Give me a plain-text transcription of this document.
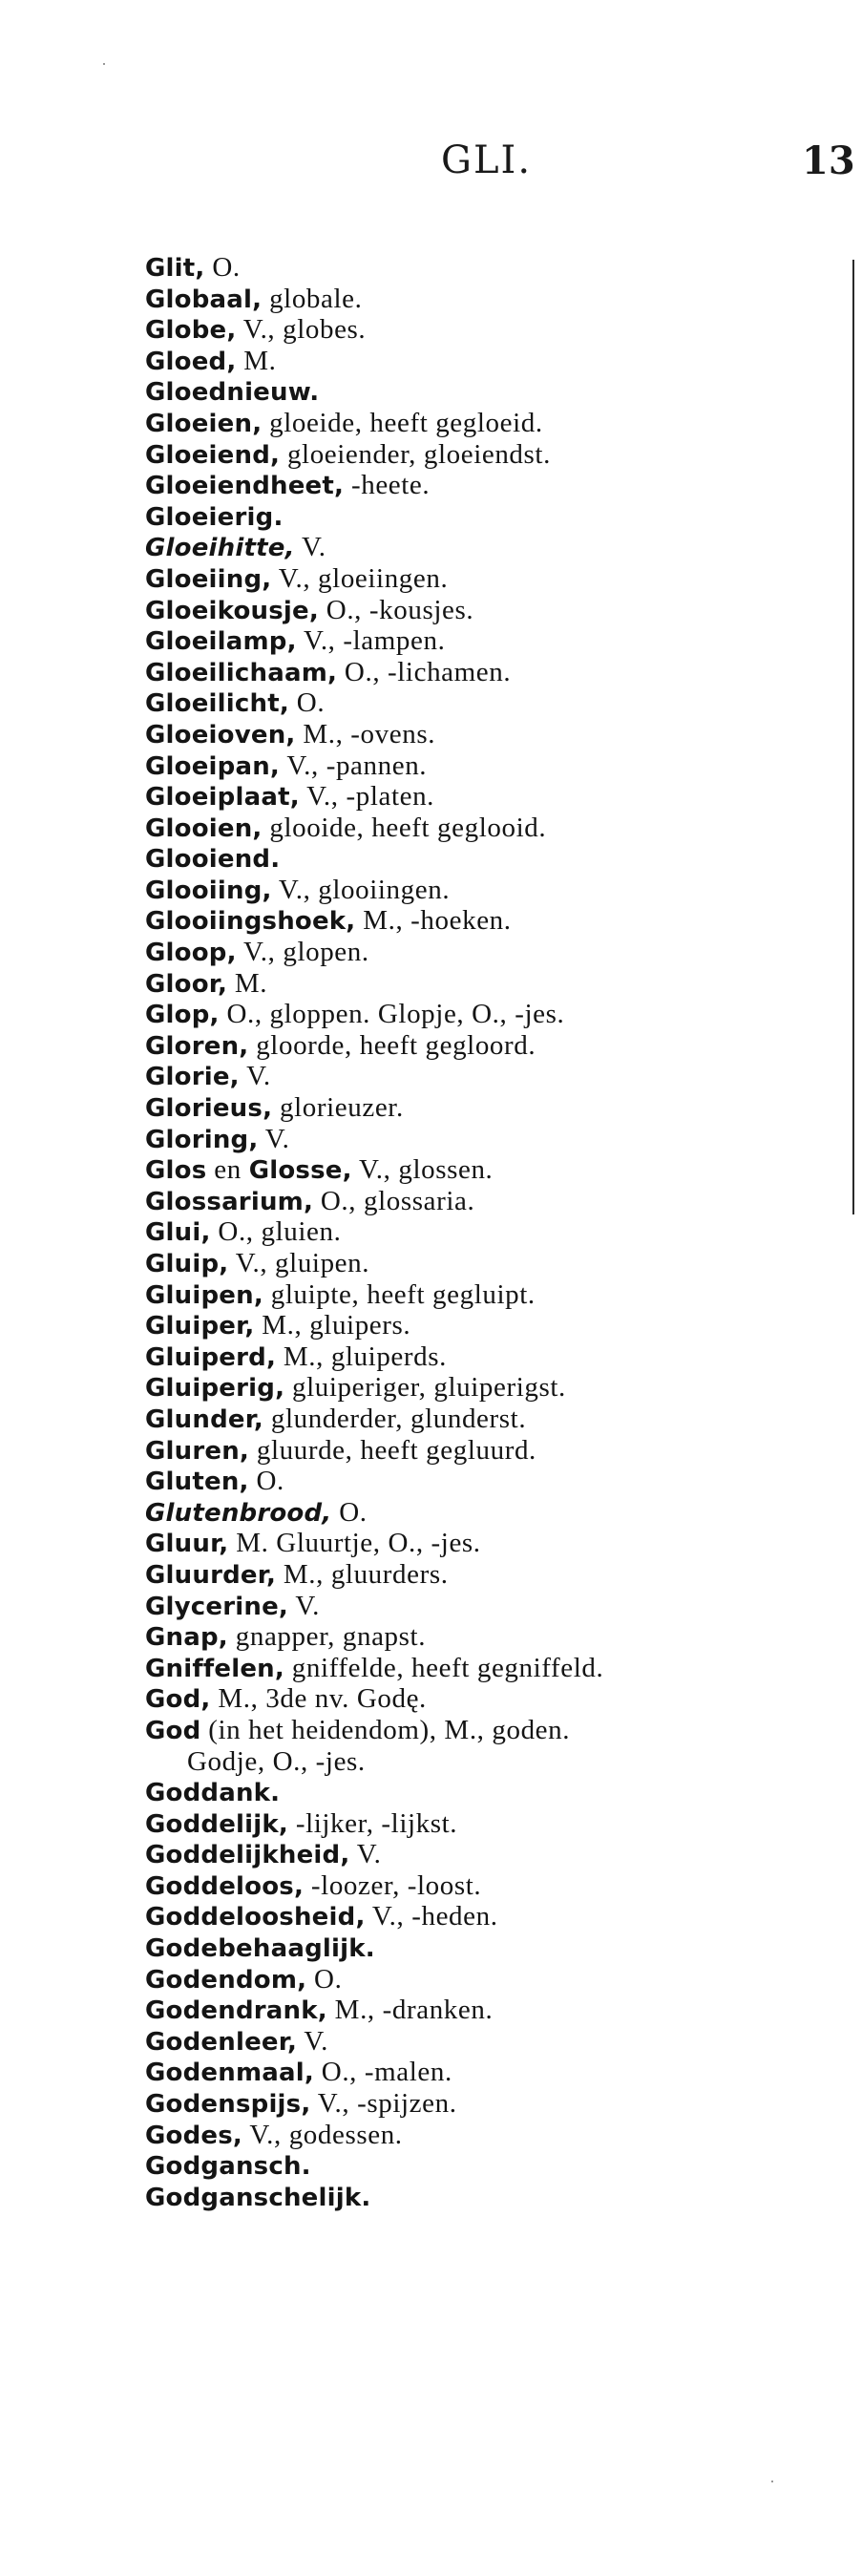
GLI.	13
Glit, O.
Globaal, globale.
Globe, V., globes.
Gloed, M.
Gloednieuw.
Gloeien, gloeide, heeft gegloeid.
Gloeiend, gloeiender, gloeiendst.
Gloeiendheet, -heete.
Gloeierig.
Gloeihitte, V.
Gloeiing, V., gloeiingen.
Gloeikousje, O., -kousjes.
Gloeilamp, V., -lampen.
Gloeilichaam, O., -lichamen.
Gloeilicht, O.
Gloeioven, M., -ovens.
Gloeipan, V., -pannen.
Gloeiplaat, V., -platen.
Glooien, glooide, heeft geglooid.
Glooiend.
Glooiing, V., glooiingen.
Glooiingshoek, M., -hoeken.
Gloop, V., glopen.
Gloor, M.
Glop, O., gloppen. Glopje, O., -jes.
Gloren, gloorde, heeft gegloord.
Glorie, V.
Glorieus, glorieuzer.
Gloring, V.
Glos en Glosse, V., glossen.
Glossarium, O., glossaria.
Glui, O., gluien.
Gluip, V., gluipen.
Gluipen, gluipte, heeft gegluipt.
Gluiper, M., gluipers.
Gluiperd, M., gluiperds.
Gluiperig, gluiperiger, gluiperigst.
Glunder, glunderder, glunderst.
Gluren, gluurde, heeft gegluurd.
Gluten, O.
Glutenbrood, O.
Gluur, M. Gluurtje, O., -jes.
Gluurder, M., gluurders.
Glycerine, V.
Gnap, gnapper, gnapst.
Gniffelen, gniffelde, heeft gegniffeld.
God, M., 3de nv. Godę.
God (in het heidendom), M., goden.
Godje, O., -jes.
Goddank.
Goddelijk, -lijker, -lijkst.
Goddelijkheid, V.
Goddeloos, -loozer, -loost.
Goddeloosheid, V., -heden.
Godebehaaglijk.
Godendom, O.
Godendrank, M., -dranken.
Godenleer, V.
Godenmaal, O., -malen.
Godenspijs, V., -spijzen.
Godes, V., godessen.
Godgansch.
Godganschelijk.
